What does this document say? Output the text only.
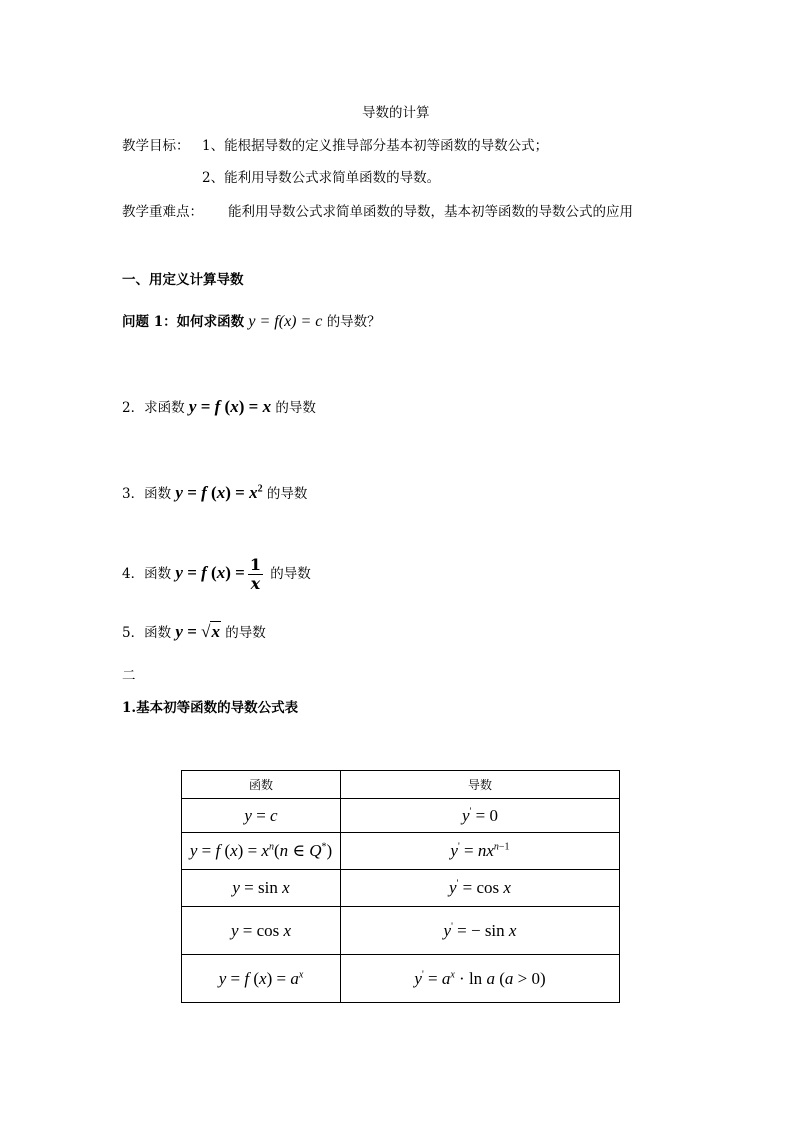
导数的计算
教学目标： 1、能根据导数的定义推导部分基本初等函数的导数公式；
2、能利用导数公式求简单函数的导数。
教学重难点： 能利用导数公式求简单函数的导数，基本初等函数的导数公式的应用
一、用定义计算导数
问题 1：如何求函数 y = f(x) = c 的导数？
2．求函数 y = f (x) = x 的导数
3．函数 y = f $(x) = x^2$ 的导数
4．函数 y = f $(x) = \frac{1}{x}$ 的导数
5．函数 y = √x 的导数
二
1.基本初等函数的导数公式表
函数	导数
y = c	y' = 0
y = f $(x) = x^n(n$ ∈ Q*)	$y' = nx^{n-1}$
y = sin x	y' = cos x
y = cos x	y' = − sin x
y = f $(x) = a^x$	$y' = a^x \cdot \ln a$ (a > 0)
